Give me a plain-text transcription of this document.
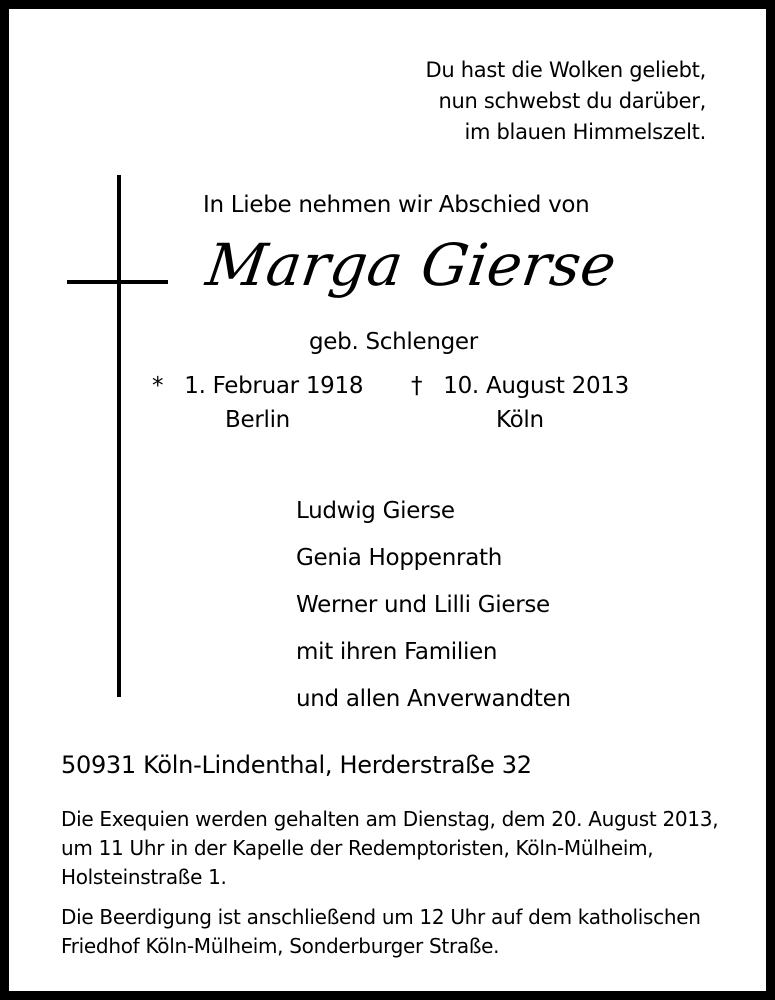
Du hast die Wolken geliebt,
nun schwebst du darüber,
im blauen Himmelszelt.
In Liebe nehmen wir Abschied von
Marga Gierse
geb. Schlenger
* 1. Februar 1918
Berlin
† 10. August 2013
Köln
Ludwig Gierse
Genia Hoppenrath
Werner und Lilli Gierse
mit ihren Familien
und allen Anverwandten
50931 Köln-Lindenthal, Herderstraße 32
Die Exequien werden gehalten am Dienstag, dem 20. August 2013,
um 11 Uhr in der Kapelle der Redemptoristen, Köln-Mülheim,
Holsteinstraße 1.
Die Beerdigung ist anschließend um 12 Uhr auf dem katholischen
Friedhof Köln-Mülheim, Sonderburger Straße.
